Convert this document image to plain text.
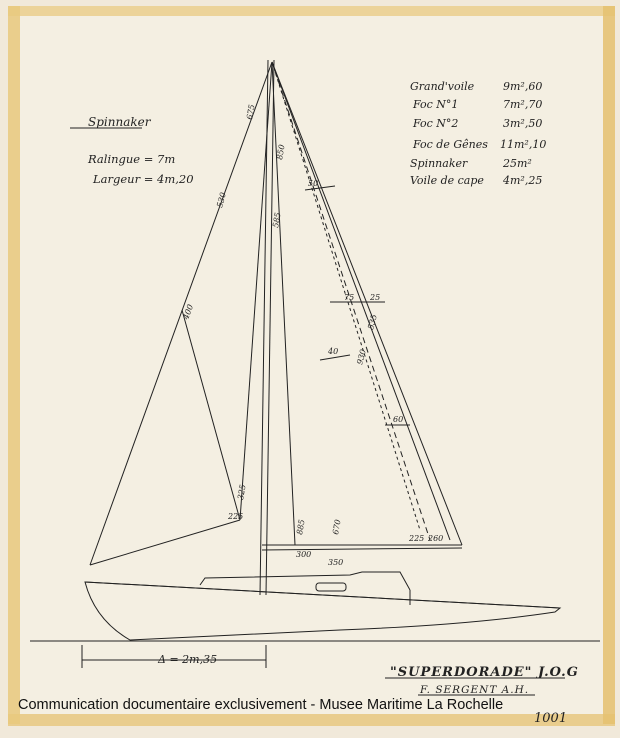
Spinnaker
Ralingue = 7m
Largeur = 4m,20
Grand'voile	9m²,60
Foc N°1	7m²,70
Foc N°2	3m²,50
Foc de Gênes 11m²,10
Spinnaker	25m²
Voile de cape 4m²,25
675
850
530
585
400
50
75 25
535
40 930
60
325
225
885	670
300
350
225 260
Δ = 2m,35
"SUPERDORADE" J.O.G
F. SERGENT A.H.
1001
Communication documentaire exclusivement - Musee Maritime La Rochelle
